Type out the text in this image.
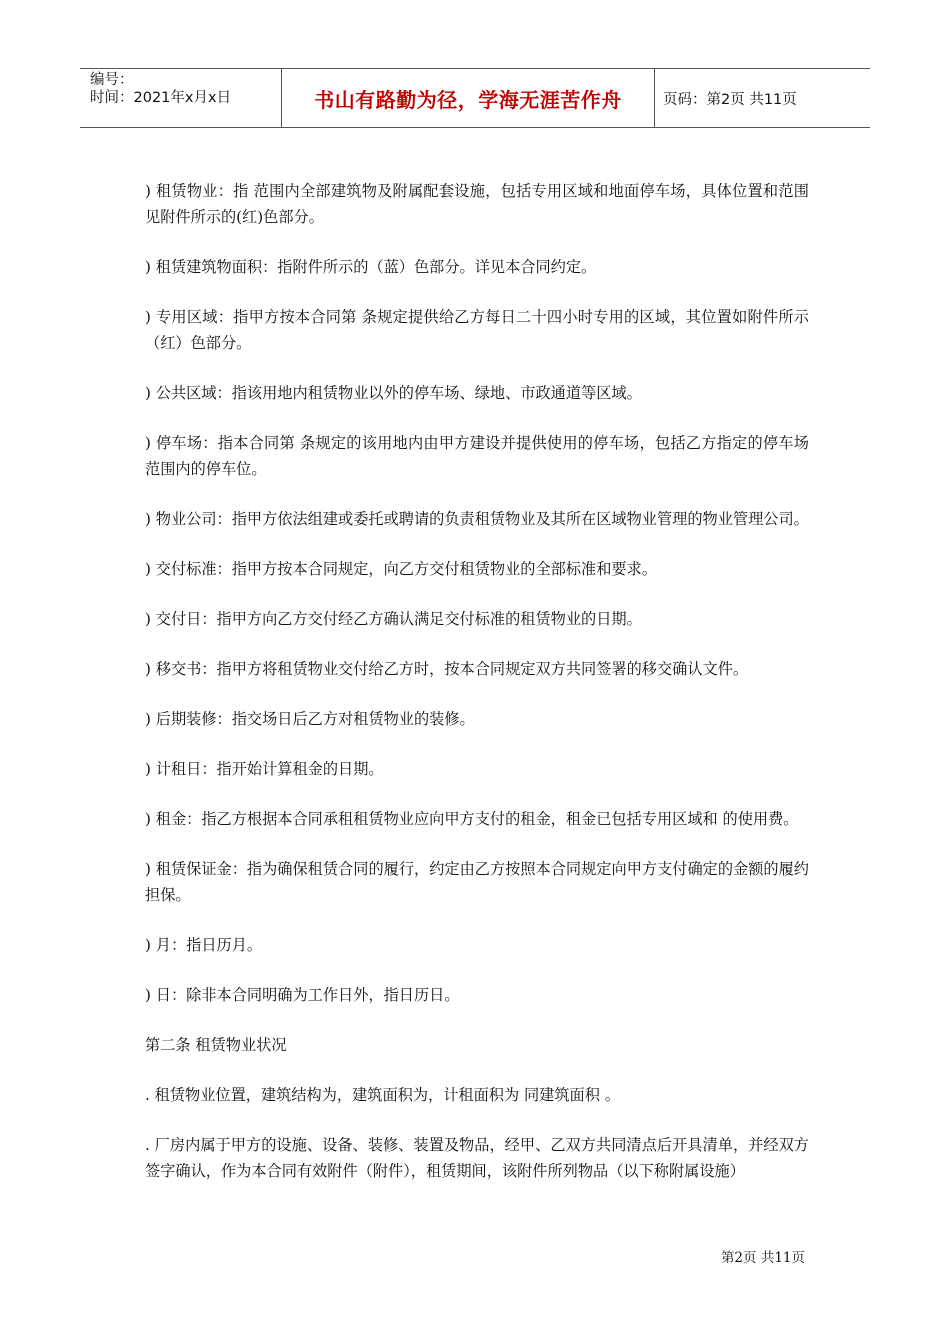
编号：
时间：2021年x月x日	书山有路勤为径，学海无涯苦作舟	页码：第2页 共11页

) 租赁物业：指 范围内全部建筑物及附属配套设施，包括专用区域和地面停车场，具体位置和范围见附件所示的(红)色部分。

) 租赁建筑物面积：指附件所示的（蓝）色部分。详见本合同约定。

) 专用区域：指甲方按本合同第 条规定提供给乙方每日二十四小时专用的区域，其位置如附件所示（红）色部分。

) 公共区域：指该用地内租赁物业以外的停车场、绿地、市政通道等区域。

) 停车场：指本合同第 条规定的该用地内由甲方建设并提供使用的停车场，包括乙方指定的停车场范围内的停车位。

) 物业公司：指甲方依法组建或委托或聘请的负责租赁物业及其所在区域物业管理的物业管理公司。

) 交付标准：指甲方按本合同规定，向乙方交付租赁物业的全部标准和要求。

) 交付日：指甲方向乙方交付经乙方确认满足交付标准的租赁物业的日期。

) 移交书：指甲方将租赁物业交付给乙方时，按本合同规定双方共同签署的移交确认文件。

) 后期装修：指交场日后乙方对租赁物业的装修。

) 计租日：指开始计算租金的日期。

) 租金：指乙方根据本合同承租租赁物业应向甲方支付的租金，租金已包括专用区域和 的使用费。

) 租赁保证金：指为确保租赁合同的履行，约定由乙方按照本合同规定向甲方支付确定的金额的履约担保。

) 月：指日历月。

) 日：除非本合同明确为工作日外，指日历日。

第二条 租赁物业状况

. 租赁物业位置，建筑结构为，建筑面积为，计租面积为 同建筑面积 。

. 厂房内属于甲方的设施、设备、装修、装置及物品，经甲、乙双方共同清点后开具清单，并经双方签字确认，作为本合同有效附件（附件），租赁期间，该附件所列物品（以下称附属设施）

第2页 共11页
